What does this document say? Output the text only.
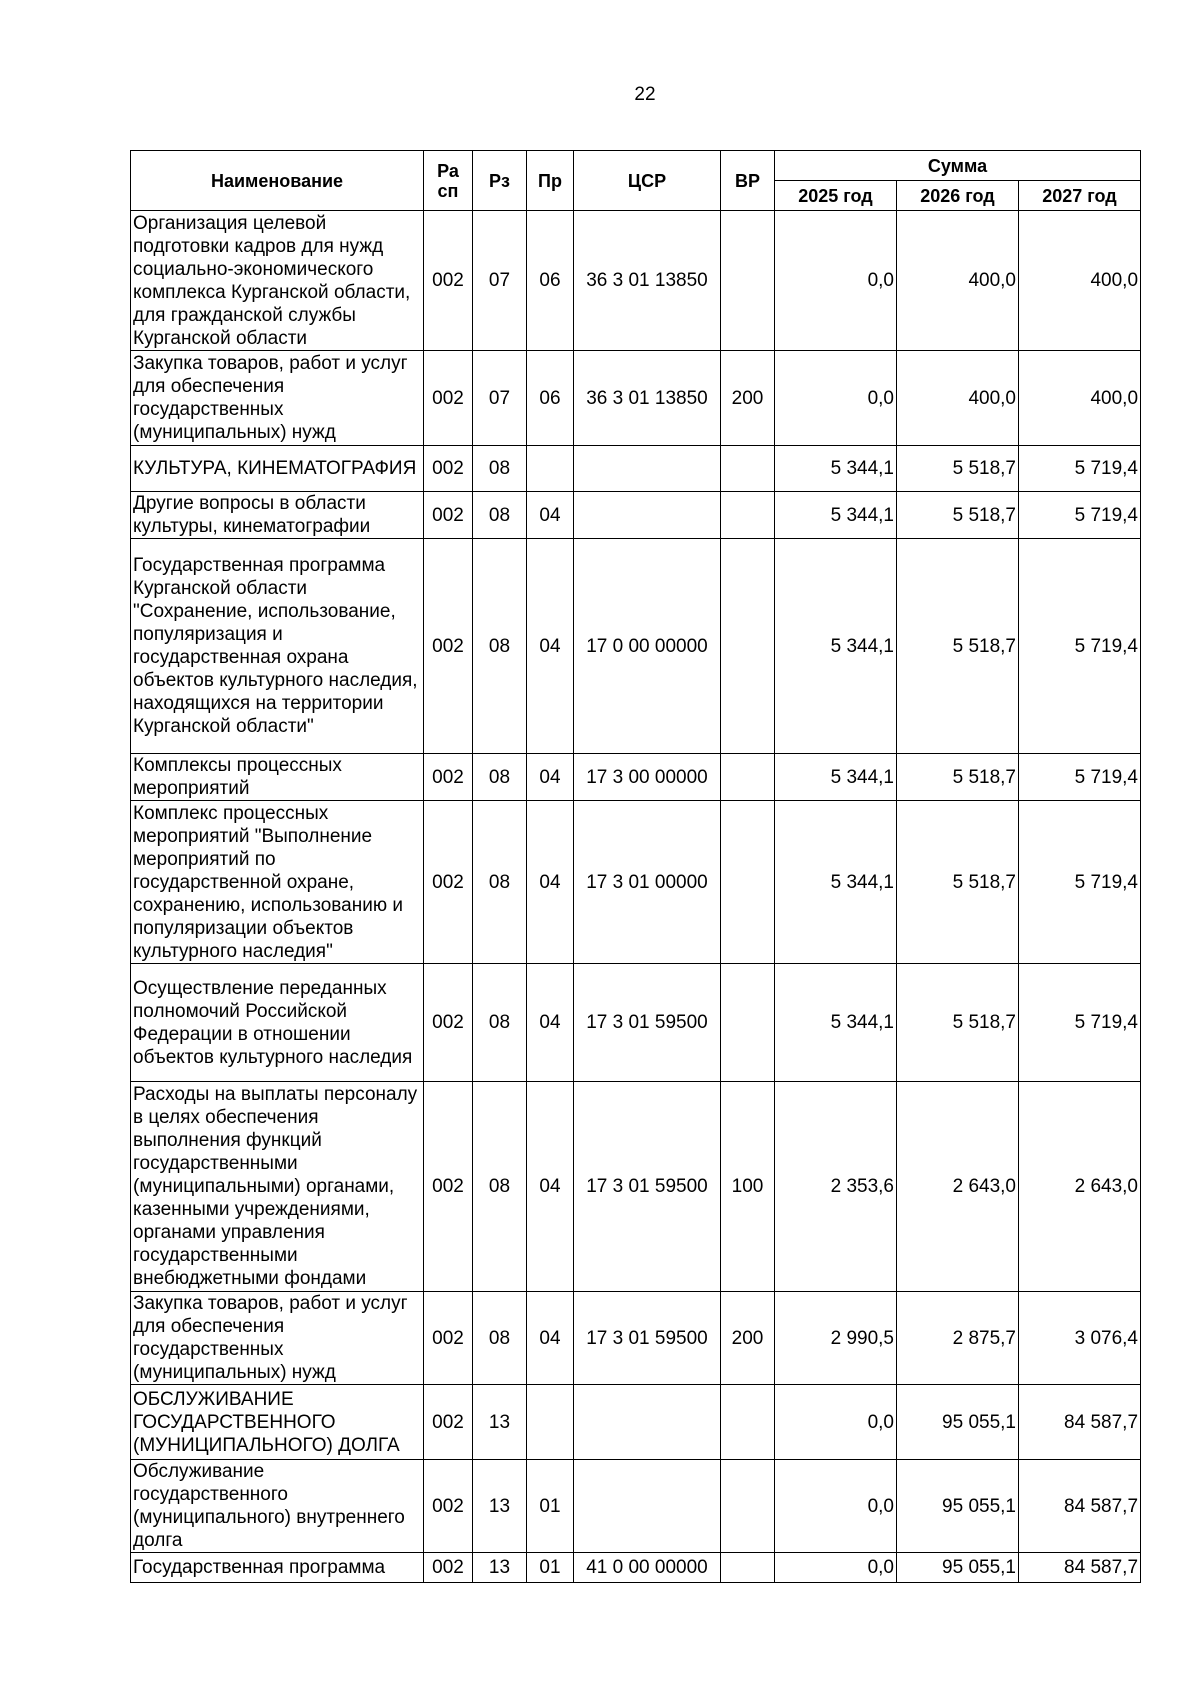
22
Наименование	Ра сп	Рз	Пр	ЦСР	ВР	Сумма		
						2025 год	2026 год	2027 год
Организация целевой подготовки кадров для нужд социально-экономического комплекса Курганской области, для гражданской службы Курганской области	002	07	06	36 3 01 13850		0,0	400,0	400,0
Закупка товаров, работ и услуг для обеспечения государственных (муниципальных) нужд	002	07	06	36 3 01 13850	200	0,0	400,0	400,0
КУЛЬТУРА, КИНЕМАТОГРАФИЯ	002	08				5 344,1	5 518,7	5 719,4
Другие вопросы в области культуры, кинематографии	002	08	04			5 344,1	5 518,7	5 719,4
Государственная программа Курганской области "Сохранение, использование, популяризация и государственная охрана объектов культурного наследия, находящихся на территории Курганской области"	002	08	04	17 0 00 00000		5 344,1	5 518,7	5 719,4
Комплексы процессных мероприятий	002	08	04	17 3 00 00000		5 344,1	5 518,7	5 719,4
Комплекс процессных мероприятий "Выполнение мероприятий по государственной охране, сохранению, использованию и популяризации объектов культурного наследия"	002	08	04	17 3 01 00000		5 344,1	5 518,7	5 719,4
Осуществление переданных полномочий Российской Федерации в отношении объектов культурного наследия	002	08	04	17 3 01 59500		5 344,1	5 518,7	5 719,4
Расходы на выплаты персоналу в целях обеспечения выполнения функций государственными (муниципальными) органами, казенными учреждениями, органами управления государственными внебюджетными фондами	002	08	04	17 3 01 59500	100	2 353,6	2 643,0	2 643,0
Закупка товаров, работ и услуг для обеспечения государственных (муниципальных) нужд	002	08	04	17 3 01 59500	200	2 990,5	2 875,7	3 076,4
ОБСЛУЖИВАНИЕ ГОСУДАРСТВЕННОГО (МУНИЦИПАЛЬНОГО) ДОЛГА	002	13				0,0	95 055,1	84 587,7
Обслуживание государственного (муниципального) внутреннего долга	002	13	01			0,0	95 055,1	84 587,7
Государственная программа	002	13	01	41 0 00 00000		0,0	95 055,1	84 587,7
